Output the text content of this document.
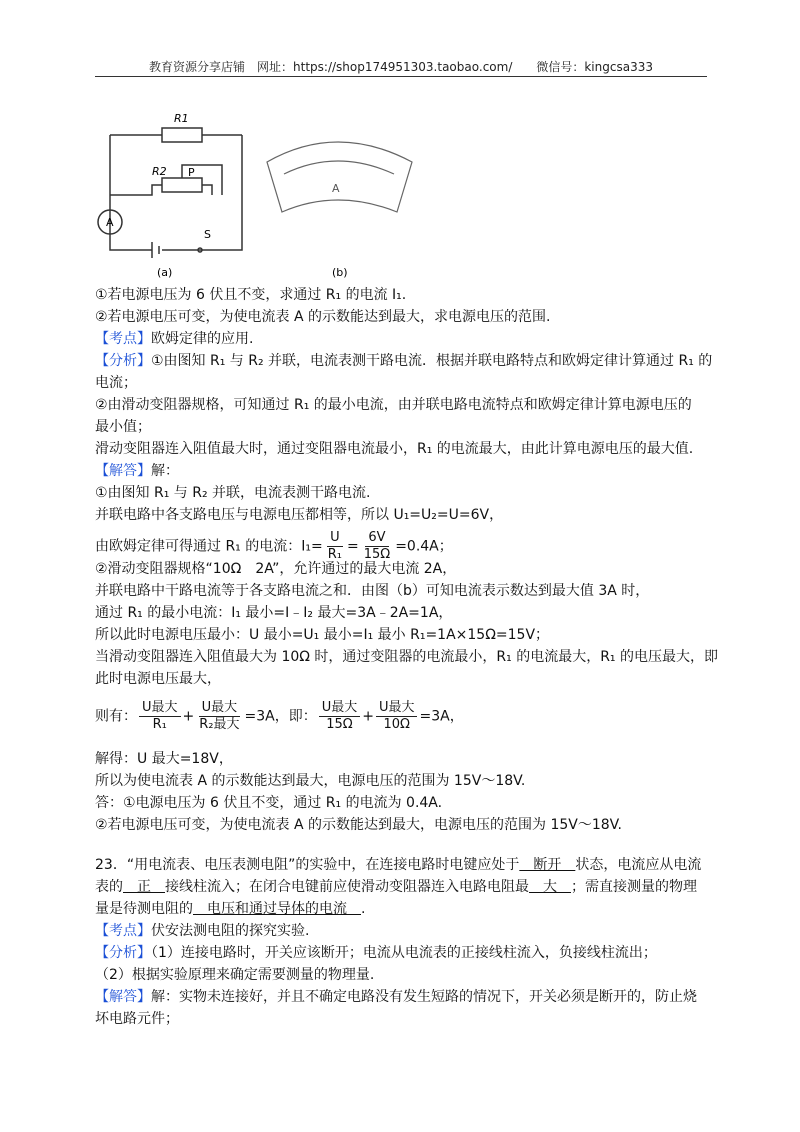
教育资源分享店铺　网址：https://shop174951303.taobao.com/　　微信号：kingcsa333
R1
R2 P
A
S
(a)
A
(b)
①若电源电压为 6 伏且不变，求通过 R₁ 的电流 I₁.
②若电源电压可变，为使电流表 A 的示数能达到最大，求电源电压的范围.
【考点】欧姆定律的应用.
【分析】①由图知 R₁ 与 R₂ 并联，电流表测干路电流．根据并联电路特点和欧姆定律计算通过 R₁ 的
电流；
②由滑动变阻器规格，可知通过 R₁ 的最小电流，由并联电路电流特点和欧姆定律计算电源电压的
最小值；
滑动变阻器连入阻值最大时，通过变阻器电流最小，R₁ 的电流最大，由此计算电源电压的最大值.
【解答】解：
①由图知 R₁ 与 R₂ 并联，电流表测干路电流.
并联电路中各支路电压与电源电压都相等，所以 U₁=U₂=U=6V，
由欧姆定律可得通过 R₁ 的电流：$I_1= \frac{U}{\text{R₁}} = \frac{6V}{15\Omega} =0.4A$；
②滑动变阻器规格“10Ω　2A”，允许通过的最大电流 2A，
并联电路中干路电流等于各支路电流之和．由图（b）可知电流表示数达到最大值 3A 时，
通过 R₁ 的最小电流：I₁ 最小=I﹣I₂ 最大=3A﹣2A=1A，
所以此时电源电压最小：U 最小=U₁ 最小=I₁ 最小 R₁=1A×15Ω=15V；
当滑动变阻器连入阻值最大为 10Ω 时，通过变阻器的电流最小，R₁ 的电流最大，R₁ 的电压最大，即
此时电源电压最大，
则有： $\frac{\text{U最大}}{\text{R₁}} + \frac{\text{U最大}}{\text{R₂最大}} =3A$，即： $\frac{\text{U最大}}{15\Omega} + \frac{\text{U最大}}{10\Omega} =3A$，
解得：U 最大=18V，
所以为使电流表 A 的示数能达到最大，电源电压的范围为 15V～18V.
答：①电源电压为 6 伏且不变，通过 R₁ 的电流为 0.4A.
②若电源电压可变，为使电流表 A 的示数能达到最大，电源电压的范围为 15V～18V.
23．“用电流表、电压表测电阻”的实验中，在连接电路时电键应处于　断开　状态，电流应从电流
表的　正　接线柱流入；在闭合电键前应使滑动变阻器连入电路电阻最　大　；需直接测量的物理
量是待测电阻的　电压和通过导体的电流　.
【考点】伏安法测电阻的探究实验.
【分析】（1）连接电路时，开关应该断开；电流从电流表的正接线柱流入，负接线柱流出；
（2）根据实验原理来确定需要测量的物理量.
【解答】解：实物未连接好，并且不确定电路没有发生短路的情况下，开关必须是断开的，防止烧
坏电路元件；
